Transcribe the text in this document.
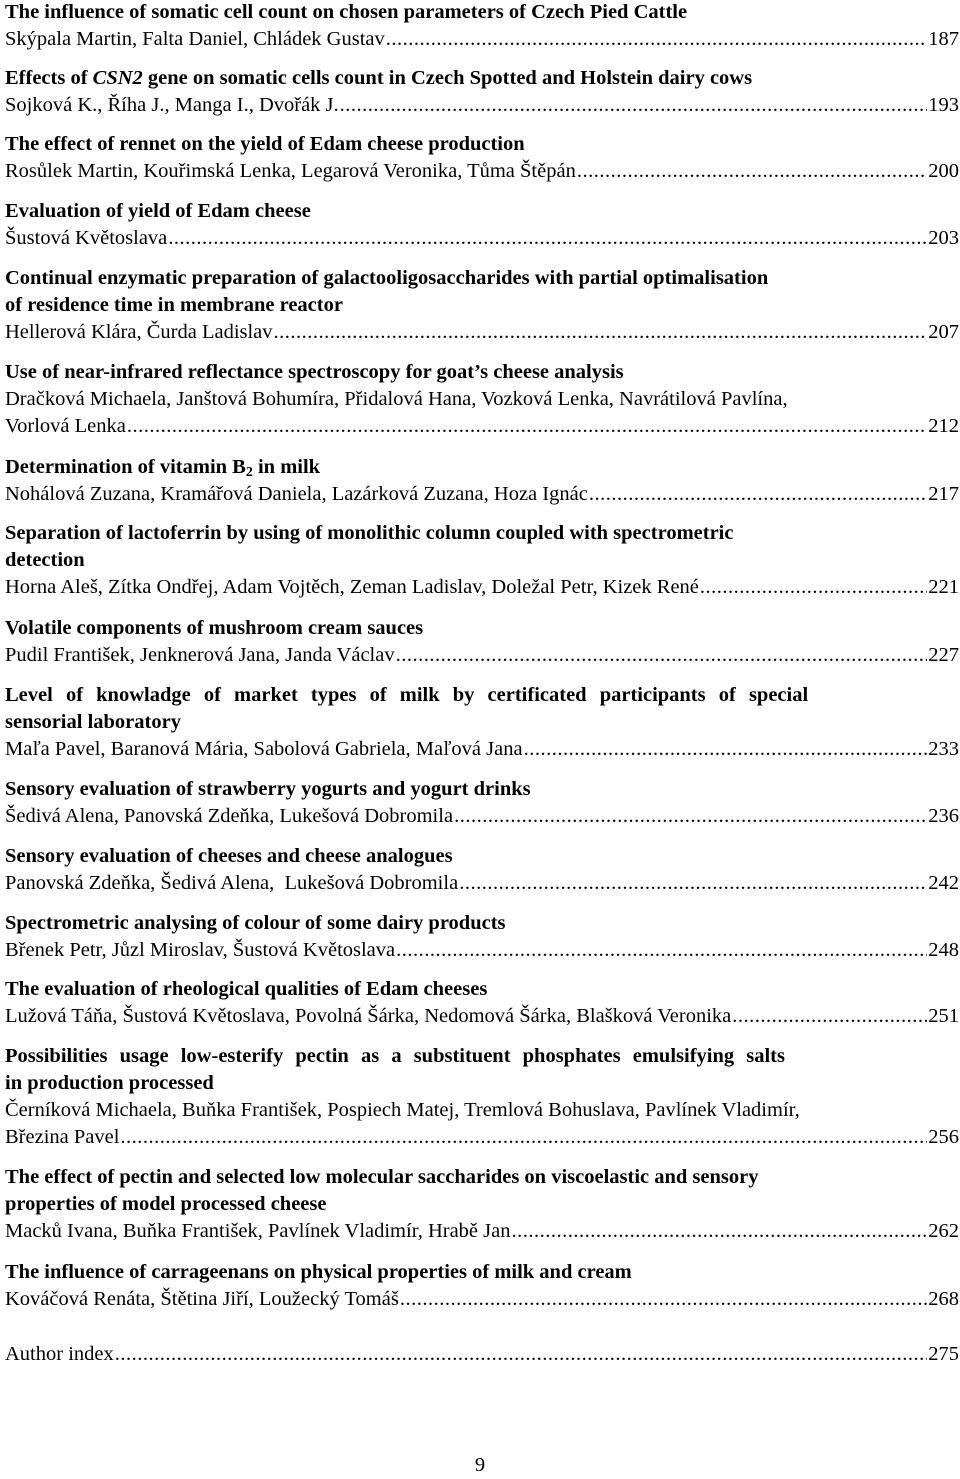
The influence of somatic cell count on chosen parameters of Czech Pied Cattle

Skýpala Martin, Falta Daniel, Chládek Gustav .....	187

Effects of CSN2 gene on somatic cells count in Czech Spotted and Holstein dairy cows

Sojková K., Říha J., Manga I., Dvořák J. .....	193

The effect of rennet on the yield of Edam cheese production

Rosůlek Martin, Kouřimská Lenka, Legarová Veronika, Tůma Štěpán .....	200

Evaluation of yield of Edam cheese

Šustová Květoslava .....	203

Continual enzymatic preparation of galactooligosaccharides with partial optimalisation

of residence time in membrane reactor

Hellerová Klára, Čurda Ladislav .....	207

Use of near-infrared reflectance spectroscopy for goat’s cheese analysis

Dračková Michaela, Janštová Bohumíra, Přidalová Hana, Vozková Lenka, Navrátilová Pavlína,

Vorlová Lenka .....	212

Determination of vitamin $B_2$ in milk

Nohálová Zuzana, Kramářová Daniela, Lazárková Zuzana, Hoza Ignác .....	217

Separation of lactoferrin by using of monolithic column coupled with spectrometric

detection

Horna Aleš, Zítka Ondřej, Adam Vojtěch, Zeman Ladislav, Doležal Petr, Kizek René .....	221

Volatile components of mushroom cream sauces

Pudil František, Jenknerová Jana, Janda Václav .....	227

Level of knowladge of market types of milk by certificated participants of special

sensorial laboratory

Maľa Pavel, Baranová Mária, Sabolová Gabriela, Maľová Jana .....	233

Sensory evaluation of strawberry yogurts and yogurt drinks

Šedivá Alena, Panovská Zdeňka, Lukešová Dobromila .....	236

Sensory evaluation of cheeses and cheese analogues

Panovská Zdeňka, Šedivá Alena,  Lukešová Dobromila .....	242

Spectrometric analysing of colour of some dairy products

Břenek Petr, Jůzl Miroslav, Šustová Květoslava .....	248

The evaluation of rheological qualities of Edam cheeses

Lužová Táňa, Šustová Květoslava, Povolná Šárka, Nedomová Šárka, Blašková Veronika .....	251

Possibilities usage low-esterify pectin as a substituent phosphates emulsifying salts

in production processed

Černíková Michaela, Buňka František, Pospiech Matej, Tremlová Bohuslava, Pavlínek Vladimír,

Březina Pavel .....	256

The effect of pectin and selected low molecular saccharides on viscoelastic and sensory

properties of model processed cheese

Macků Ivana, Buňka František, Pavlínek Vladimír, Hrabě Jan .....	262

The influence of carrageenans on physical properties of milk and cream

Kováčová Renáta, Štětina Jiří, Loužecký Tomáš .....	268
Author index .....	275
9
